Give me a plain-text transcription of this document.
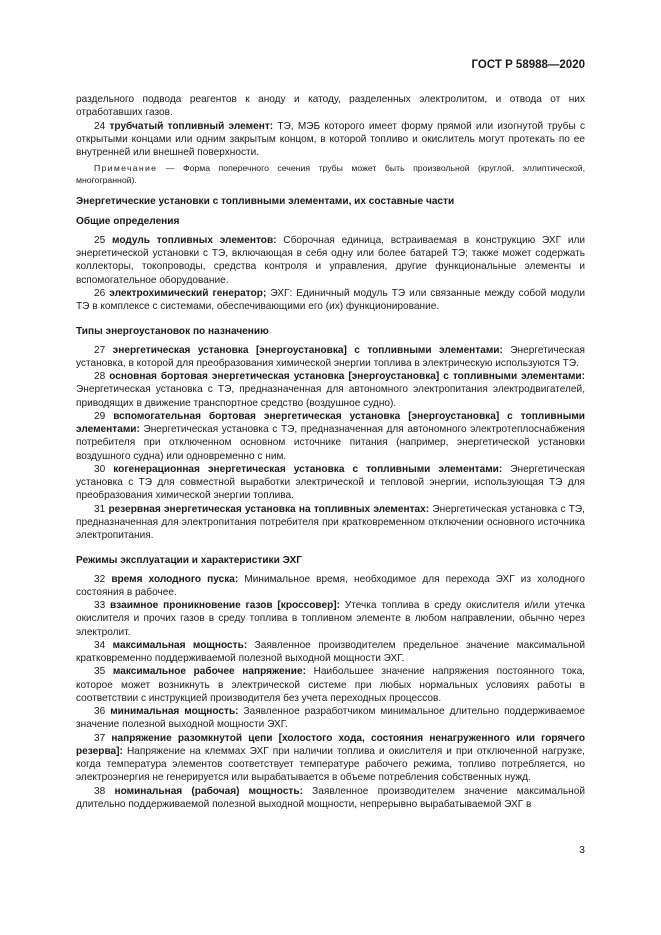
ГОСТ Р 58988—2020

раздельного подвода реагентов к аноду и катоду, разделенных электролитом, и отвода от них отработавших газов.

24 трубчатый топливный элемент: ТЭ, МЭБ которого имеет форму прямой или изогнутой трубы с открытыми концами или одним закрытым концом, в которой топливо и окислитель могут протекать по ее внутренней или внешней поверхности.

Примечание — Форма поперечного сечения трубы может быть произвольной (круглой, эллиптической, многогранной).

Энергетические установки с топливными элементами, их составные части

Общие определения

25 модуль топливных элементов: Сборочная единица, встраиваемая в конструкцию ЭХГ или энергетической установки с ТЭ, включающая в себя одну или более батарей ТЭ; также может содержать коллекторы, токопроводы, средства контроля и управления, другие функциональные элементы и вспомогательное оборудование.

26 электрохимический генератор; ЭХГ: Единичный модуль ТЭ или связанные между собой модули ТЭ в комплексе с системами, обеспечивающими его (их) функционирование.

Типы энергоустановок по назначению

27 энергетическая установка [энергоустановка] с топливными элементами: Энергетическая установка, в которой для преобразования химической энергии топлива в электрическую используются ТЭ.

28 основная бортовая энергетическая установка [энергоустановка] с топливными элементами: Энергетическая установка с ТЭ, предназначенная для автономного электропитания электродвигателей, приводящих в движение транспортное средство (воздушное судно).

29 вспомогательная бортовая энергетическая установка [энергоустановка] с топливными элементами: Энергетическая установка с ТЭ, предназначенная для автономного электротеплоснабжения потребителя при отключенном основном источнике питания (например, энергетической установки воздушного судна) или одновременно с ним.

30 когенерационная энергетическая установка с топливными элементами: Энергетическая установка с ТЭ для совместной выработки электрической и тепловой энергии, использующая ТЭ для преобразования химической энергии топлива.

31 резервная энергетическая установка на топливных элементах: Энергетическая установка с ТЭ, предназначенная для электропитания потребителя при кратковременном отключении основного источника электропитания.

Режимы эксплуатации и характеристики ЭХГ

32 время холодного пуска: Минимальное время, необходимое для перехода ЭХГ из холодного состояния в рабочее.

33 взаимное проникновение газов [кроссовер]: Утечка топлива в среду окислителя и/или утечка окислителя и прочих газов в среду топлива в топливном элементе в любом направлении, обычно через электролит.

34 максимальная мощность: Заявленное производителем предельное значение максимальной кратковременно поддерживаемой полезной выходной мощности ЭХГ.

35 максимальное рабочее напряжение: Наибольшее значение напряжения постоянного тока, которое может возникнуть в электрической системе при любых нормальных условиях работы в соответствии с инструкцией производителя без учета переходных процессов.

36 минимальная мощность: Заявленное разработчиком минимальное длительно поддерживаемое значение полезной выходной мощности ЭХГ.

37 напряжение разомкнутой цепи [холостого хода, состояния ненагруженного или горячего резерва]: Напряжение на клеммах ЭХГ при наличии топлива и окислителя и при отключенной нагрузке, когда температура элементов соответствует температуре рабочего режима, топливо потребляется, но электроэнергия не генерируется или вырабатывается в объеме потребления собственных нужд.

38 номинальная (рабочая) мощность: Заявленное производителем значение максимальной длительно поддерживаемой полезной выходной мощности, непрерывно вырабатываемой ЭХГ в

3
